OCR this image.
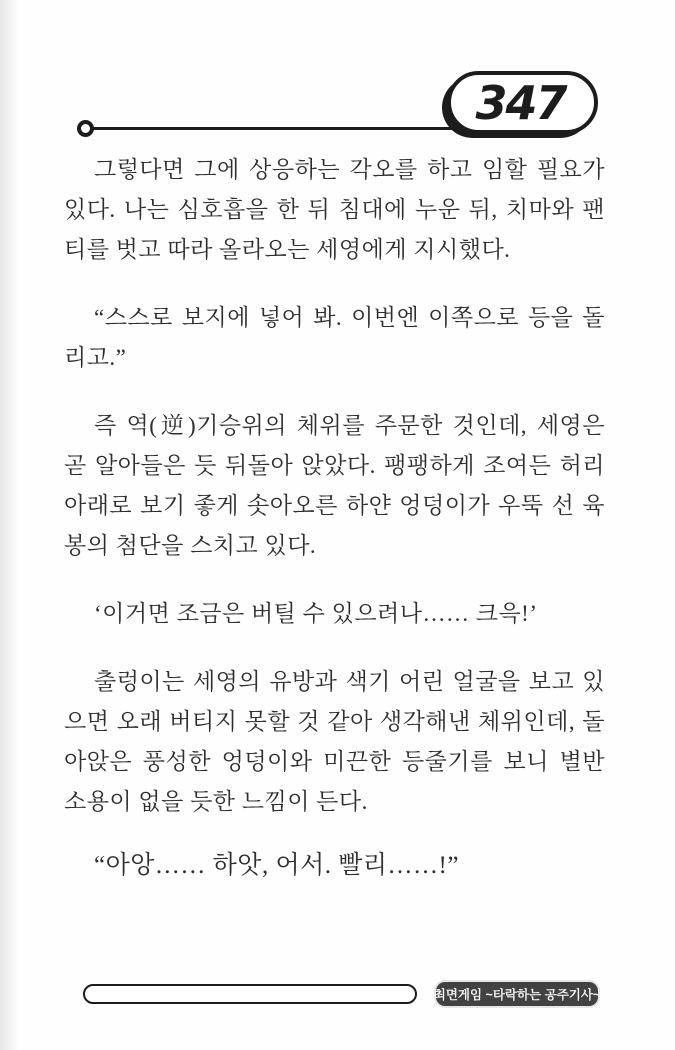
347

그렇다면 그에 상응하는 각오를 하고 임할 필요가 있다. 나는 심호흡을 한 뒤 침대에 누운 뒤, 치마와 팬티를 벗고 따라 올라오는 세영에게 지시했다.

“스스로 보지에 넣어 봐. 이번엔 이쪽으로 등을 돌리고.”

즉 역(逆)기승위의 체위를 주문한 것인데, 세영은 곧 알아들은 듯 뒤돌아 앉았다. 팽팽하게 조여든 허리 아래로 보기 좋게 솟아오른 하얀 엉덩이가 우뚝 선 육봉의 첨단을 스치고 있다.

‘이거면 조금은 버틸 수 있으려나…… 크윽!’

출렁이는 세영의 유방과 색기 어린 얼굴을 보고 있으면 오래 버티지 못할 것 같아 생각해낸 체위인데, 돌아앉은 풍성한 엉덩이와 미끈한 등줄기를 보니 별반 소용이 없을 듯한 느낌이 든다.

“아앙…… 하앗, 어서. 빨리……!”

최면게임 ~타락하는 공주기사~
